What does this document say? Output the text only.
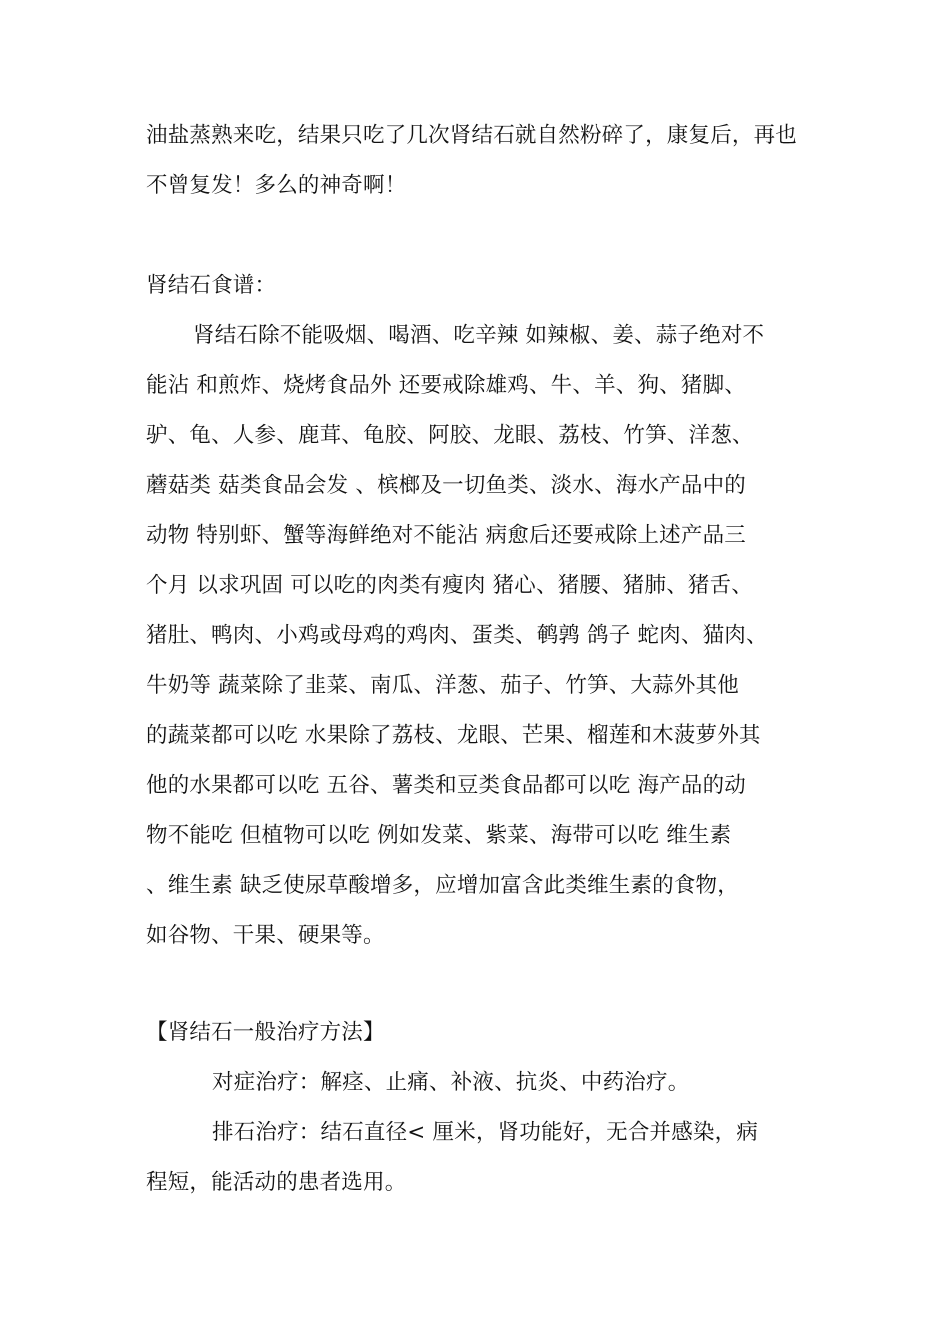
油盐蒸熟来吃，结果只吃了几次肾结石就自然粉碎了，康复后，再也
不曾复发！多么的神奇啊！
肾结石食谱：
肾结石除不能吸烟、喝酒、吃辛辣 如辣椒、姜、蒜子绝对不
能沾 和煎炸、烧烤食品外 还要戒除雄鸡、牛、羊、狗、猪脚、
驴、龟、人参、鹿茸、龟胶、阿胶、龙眼、荔枝、竹笋、洋葱、
蘑菇类 菇类食品会发 、槟榔及一切鱼类、淡水、海水产品中的
动物 特别虾、蟹等海鲜绝对不能沾 病愈后还要戒除上述产品三
个月 以求巩固 可以吃的肉类有瘦肉 猪心、猪腰、猪肺、猪舌、
猪肚、鸭肉、小鸡或母鸡的鸡肉、蛋类、鹌鹑 鸽子 蛇肉、猫肉、
牛奶等 蔬菜除了韭菜、南瓜、洋葱、茄子、竹笋、大蒜外其他
的蔬菜都可以吃 水果除了荔枝、龙眼、芒果、榴莲和木菠萝外其
他的水果都可以吃 五谷、薯类和豆类食品都可以吃 海产品的动
物不能吃 但植物可以吃 例如发菜、紫菜、海带可以吃 维生素
、维生素 缺乏使尿草酸增多，应增加富含此类维生素的食物，
如谷物、干果、硬果等。
【肾结石一般治疗方法】
对症治疗：解痉、止痛、补液、抗炎、中药治疗。
排石治疗：结石直径< 厘米，肾功能好，无合并感染，病
程短，能活动的患者选用。
